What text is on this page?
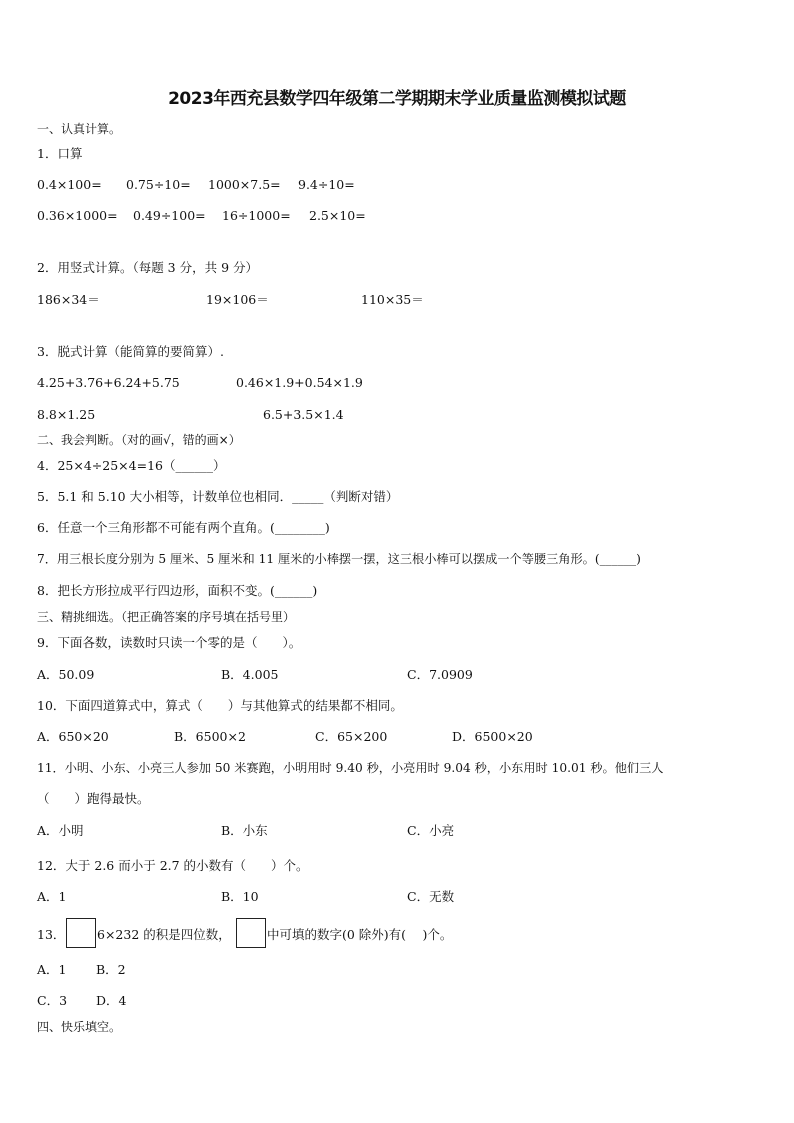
2023年西充县数学四年级第二学期期末学业质量监测模拟试题
一、认真计算。
1．口算
0.4×100= 0.75÷10= 1000×7.5= 9.4÷10=
0.36×1000= 0.49÷100= 16÷1000= 2.5×10=
2．用竖式计算。（每题 3 分，共 9 分）
186×34＝	19×106＝	110×35＝
3．脱式计算（能简算的要简算）.
4.25+3.76+6.24+5.75	0.46×1.9+0.54×1.9
8.8×1.25	6.5+3.5×1.4
二、我会判断。（对的画√，错的画×）
4．25×4÷25×4=16（______）
5．5.1 和 5.10 大小相等，计数单位也相同．_____（判断对错）
6．任意一个三角形都不可能有两个直角。(________)
7．用三根长度分别为 5 厘米、5 厘米和 11 厘米的小棒摆一摆，这三根小棒可以摆成一个等腰三角形。(______)
8．把长方形拉成平行四边形，面积不变。(______)
三、精挑细选。（把正确答案的序号填在括号里）
9．下面各数，读数时只读一个零的是（　　）。
A．50.09	B．4.005	C．7.0909
10．下面四道算式中，算式（　　）与其他算式的结果都不相同。
A．650×20	B．6500×2	C．65×200	D．6500×20
11．小明、小东、小亮三人参加 50 米赛跑，小明用时 9.40 秒，小亮用时 9.04 秒，小东用时 10.01 秒。他们三人
（　　）跑得最快。
A．小明	B．小东	C．小亮
12．大于 2.6 而小于 2.7 的小数有（　　）个。
A．1	B．10	C．无数
13．	6×232 的积是四位数，	中可填的数字(0 除外)有(　 )个。
A．1 B．2
C．3 D．4
四、快乐填空。
